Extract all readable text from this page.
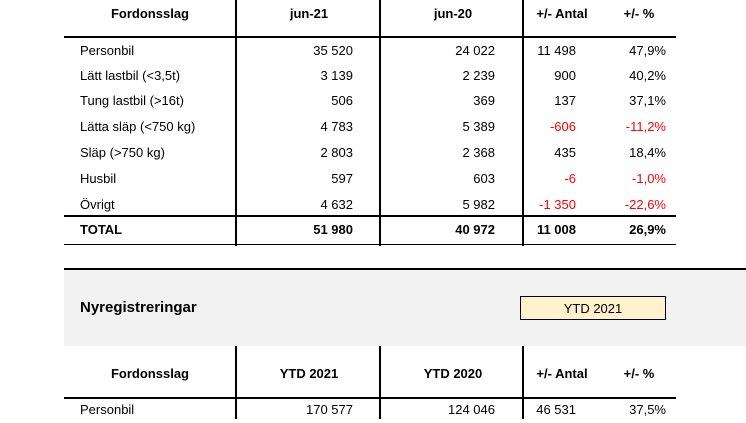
Fordonsslag	jun-21	jun-20	+/- Antal	+/- %
Personbil	35 520	24 022	11 498	47,9%
Lätt lastbil (<3,5t)	3 139	2 239	900	40,2%
Tung lastbil (>16t)	506	369	137	37,1%
Lätta släp (<750 kg)	4 783	5 389	-606	-11,2%
Släp (>750 kg)	2 803	2 368	435	18,4%
Husbil	597	603	-6	-1,0%
Övrigt	4 632	5 982	-1 350	-22,6%
TOTAL	51 980	40 972	11 008	26,9%
Nyregistreringar	YTD 2021
Fordonsslag	YTD 2021	YTD 2020	+/- Antal	+/- %
Personbil	170 577	124 046	46 531	37,5%
